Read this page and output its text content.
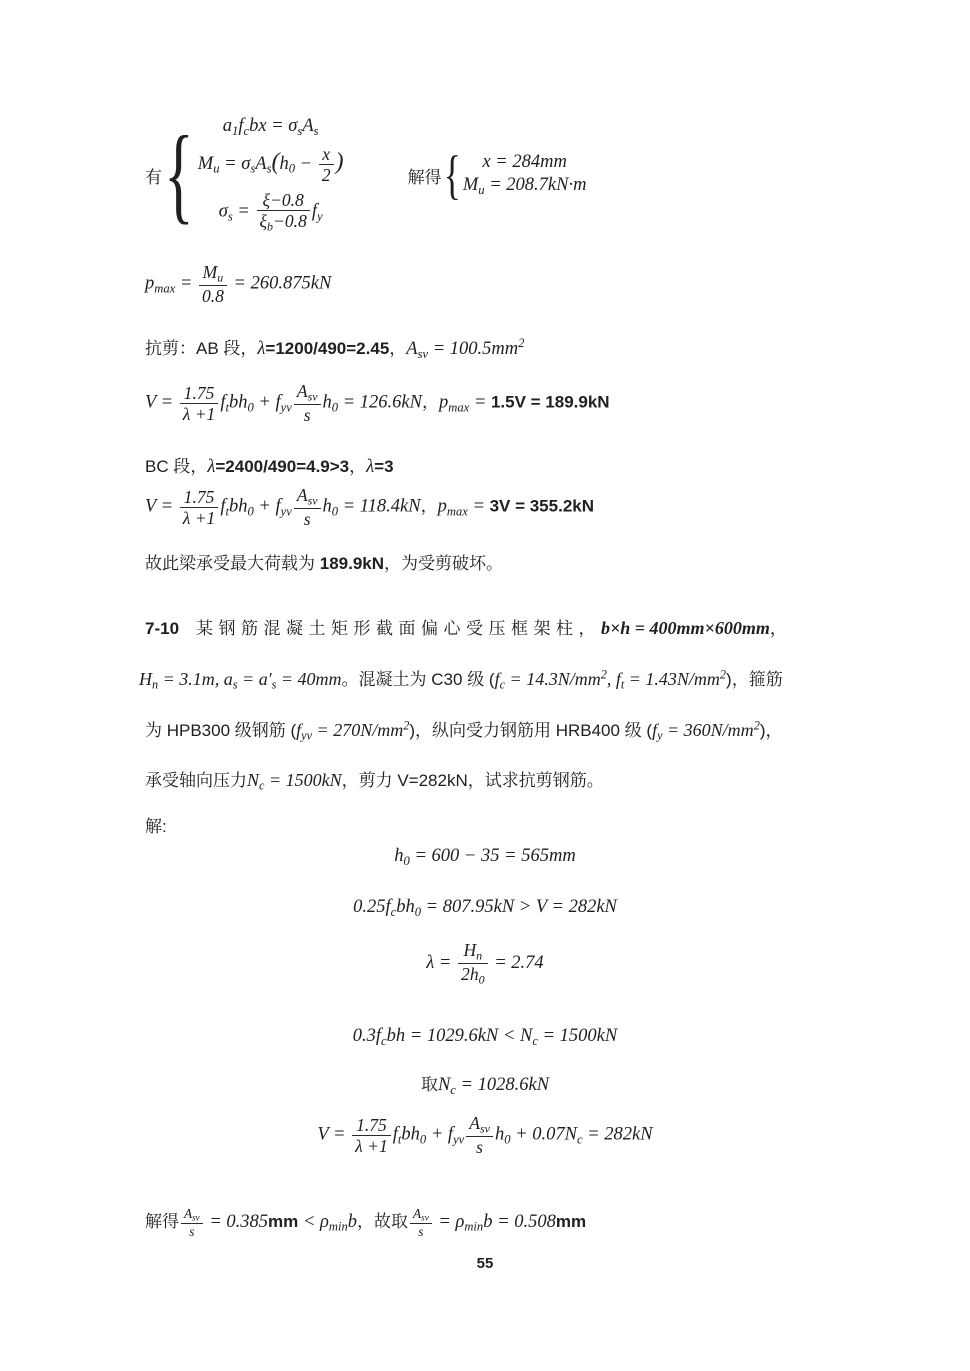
有 { $a_1f_cbx = \sigma_sA_s$
$M_u = \sigma_sA_s(h_0 - \frac{x}{2}$ )
$\sigma_s = \frac{\xi-0.8}{\xi_b-0.8} f_y$
解得 { x = 284mm
$M_u = 208.7kN\cdot m$
$p_{max} = \frac{M_u}{0.8} = 260.875kN$
抗剪：AB 段，λ=1200/490=2.45，$A_{sv} = 100.5mm^2$
$V = \frac{1.75}{\lambda +1} f_tbh_0 + f_{yv}$
$A_{sv}$
s
$h_0 = 126.6kN$，$p_{max} = 1.5V = 189.9kN$
BC 段，λ=2400/490=4.9>3，λ=3
$V = \frac{1.75}{\lambda +1} f_tbh_0 + f_{yv}$
$A_{sv}$
s
$h_0 = 118.4kN$，$p_{max} = 3V = 355.2kN$
故此梁承受最大荷载为 189.9kN，为受剪破坏。
7-10　 某钢筋混凝土矩形截面偏心受压框架柱，b×h = 400mm×600mm，
$H_n = 3.1m$, $a_s = a'_s = 40mm$。混凝土为 C30 级 ($f_c = 14.3N/mm^2$, $f_t = 1.43N/mm^2$)，箍筋
为 HPB300 级钢筋 $(f_{yv} = 270N/mm^2)$，纵向受力钢筋用 HRB400 级 $(f_y = 360N/mm^2)$，
承受轴向压力$N_c = 1500kN$，剪力 V=282kN，试求抗剪钢筋。
解:
$h_0 = 600 - 35 = 565mm$
$0.25f_cbh_0 = 807.95kN > V = 282kN$
$\lambda = \frac{H_n}{2h_0} = 2.74$
$0.3f_cbh = 1029.6kN < N_c = 1500kN$
取$N_c = 1028.6kN$
$V = \frac{1.75}{\lambda +1} f_tbh_0 + f_{yv}$
$A_{sv}$
s
$h_0 + 0.07N_c = 282kN$
解得 $A_{sv}$
$s = 0.385mm < \rho_{min}b$，故取 $A_{sv}$
$s = \rho_{min}b = 0.508mm$
55
